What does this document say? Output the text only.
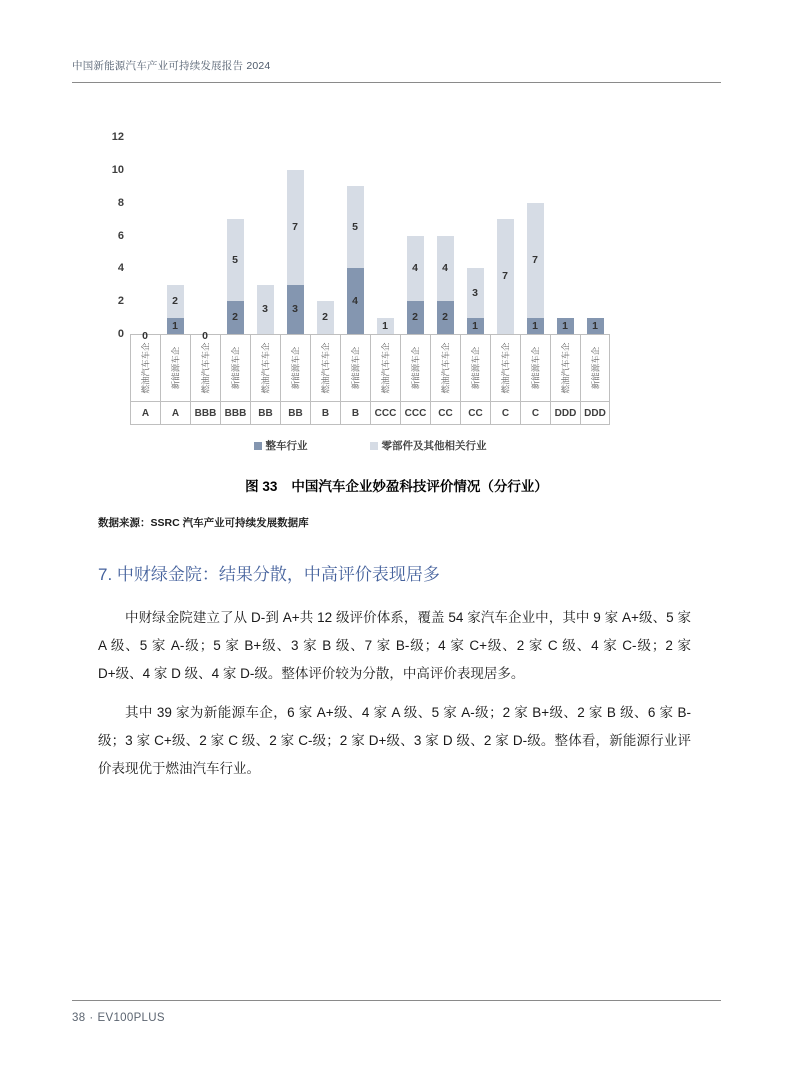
中国新能源汽车产业可持续发展报告 2024
0
2
4
6
8
10
12
0
1
2
0
2
5
3 3
7
2
4
5
1
2
4
2
4
1
3
7
1
7
1 1
燃油汽车车企 新能源车企 燃油汽车车企 新能源车企 燃油汽车车企 新能源车企 燃油汽车车企 新能源车企 燃油汽车车企 新能源车企 燃油汽车车企 新能源车企 燃油汽车车企 新能源车企 燃油汽车车企 新能源车企
A A BBB BBB BB BB B B CCC CCC CC CC C C DDD DDD
整车行业	零部件及其他相关行业
图 33 中国汽车企业妙盈科技评价情况（分行业）
数据来源：SSRC 汽车产业可持续发展数据库
7. 中财绿金院：结果分散，中高评价表现居多

中财绿金院建立了从 D-到 A+共 12 级评价体系，覆盖 54 家汽车企业中，其中 9 家 A+级、5 家 A 级、5 家 A-级；5 家 B+级、3 家 B 级、7 家 B-级；4 家 C+级、2 家 C 级、4 家 C-级；2 家 D+级、4 家 D 级、4 家 D-级。整体评价较为分散，中高评价表现居多。

其中 39 家为新能源车企，6 家 A+级、4 家 A 级、5 家 A-级；2 家 B+级、2 家 B 级、6 家 B-级；3 家 C+级、2 家 C 级、2 家 C-级；2 家 D+级、3 家 D 级、2 家 D-级。整体看，新能源行业评价表现优于燃油汽车行业。

38 · EV100PLUS
